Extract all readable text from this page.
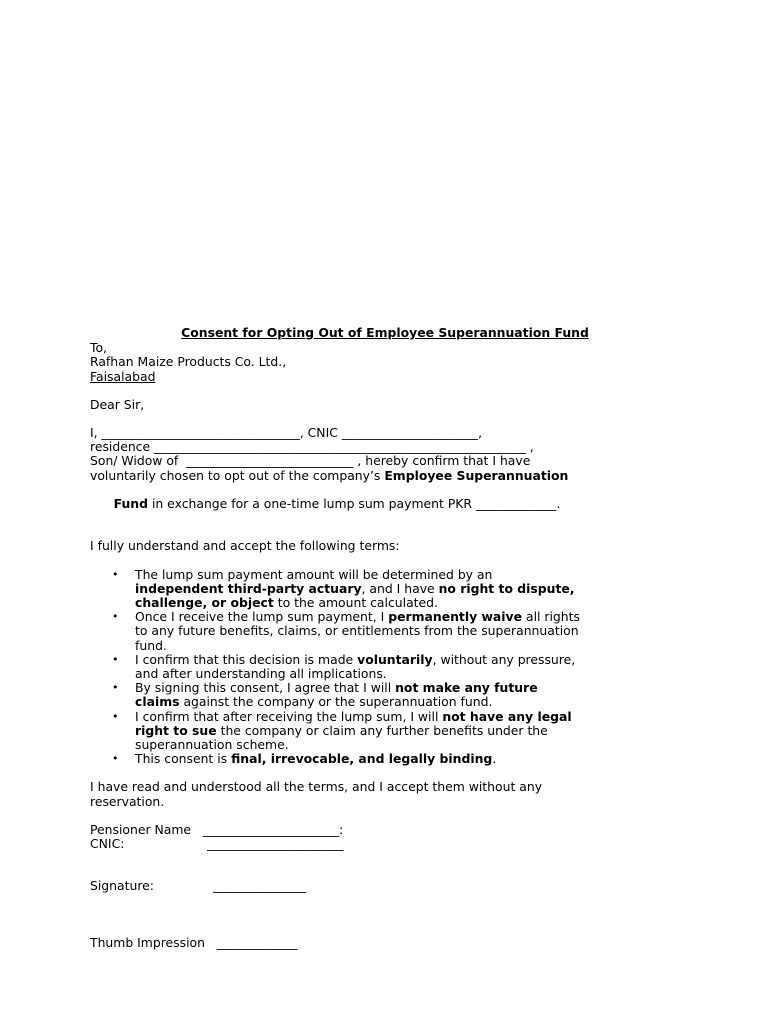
Consent for Opting Out of Employee Superannuation Fund
To,
Rafhan Maize Products Co. Ltd.,
Faisalabad
Dear Sir,
I, ________________________________, CNIC ______________________,
residence ____________________________________________________________ ,
Son/ Widow of  ___________________________ , hereby confirm that I have
voluntarily chosen to opt out of the company’s Employee Superannuation

Fund in exchange for a one-time lump sum payment PKR _____________.

I fully understand and accept the following terms:
• The lump sum payment amount will be determined by an
independent third-party actuary, and I have no right to dispute,
challenge, or object to the amount calculated.
• Once I receive the lump sum payment, I permanently waive all rights
to any future benefits, claims, or entitlements from the superannuation
fund.
• I confirm that this decision is made voluntarily, without any pressure,
and after understanding all implications.
• By signing this consent, I agree that I will not make any future
claims against the company or the superannuation fund.
• I confirm that after receiving the lump sum, I will not have any legal
right to sue the company or claim any further benefits under the
superannuation scheme.
• This consent is final, irrevocable, and legally binding.
I have read and understood all the terms, and I accept them without any
reservation.
Pensioner Name   ______________________:
CNIC:                     ______________________
Signature:               _______________
Thumb Impression   _____________
